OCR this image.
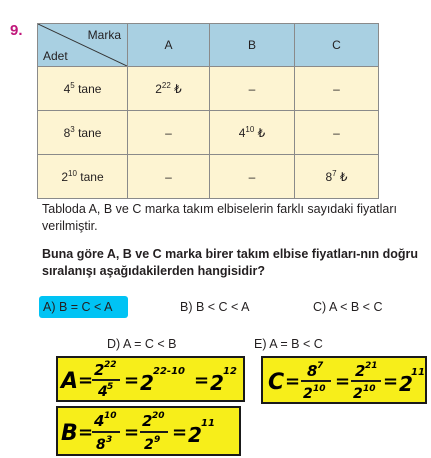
9.	Marka
Adet	A	B	C
$4^5$ tane	$2^{22}$ ₺	–	–
$8^3$ tane	–	$4^{10}$ ₺	–
$2^{10}$ tane	–	–	$8^7$ ₺
Tabloda A, B ve C marka takım elbiselerin farklı sayıdaki fiyatları verilmiştir.
Buna göre A, B ve C marka birer takım elbise fiyatları-nın doğru sıralanışı aşağıdakilerden hangisidir?
A) B = C < A	B) B < C < A	C) A < B < C
D) A = C < B	E) A = B < C
A = 2 22
4 5 = 2 22-10 = 2 12
B =
4 10
8 3 =
2 20
2 9 = 2 11
C = 8 7
2 10 = 2 21
2 10 = 2
11
